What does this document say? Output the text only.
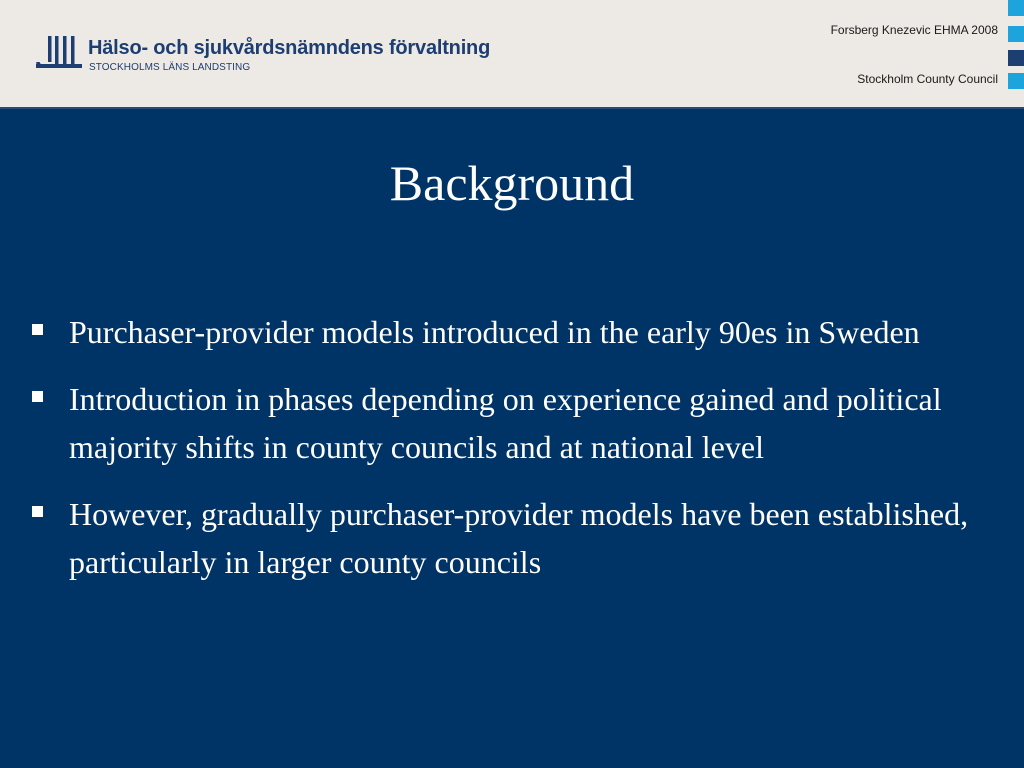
Hälso- och sjukvårdsnämndens förvaltning
STOCKHOLMS LÄNS LANDSTING
Forsberg Knezevic EHMA 2008
Stockholm County Council
Background
Purchaser-provider models introduced in the early 90es in Sweden
Introduction in phases depending on experience gained and political majority shifts in county councils and at national level
However, gradually purchaser-provider models have been established, particularly in larger county councils
